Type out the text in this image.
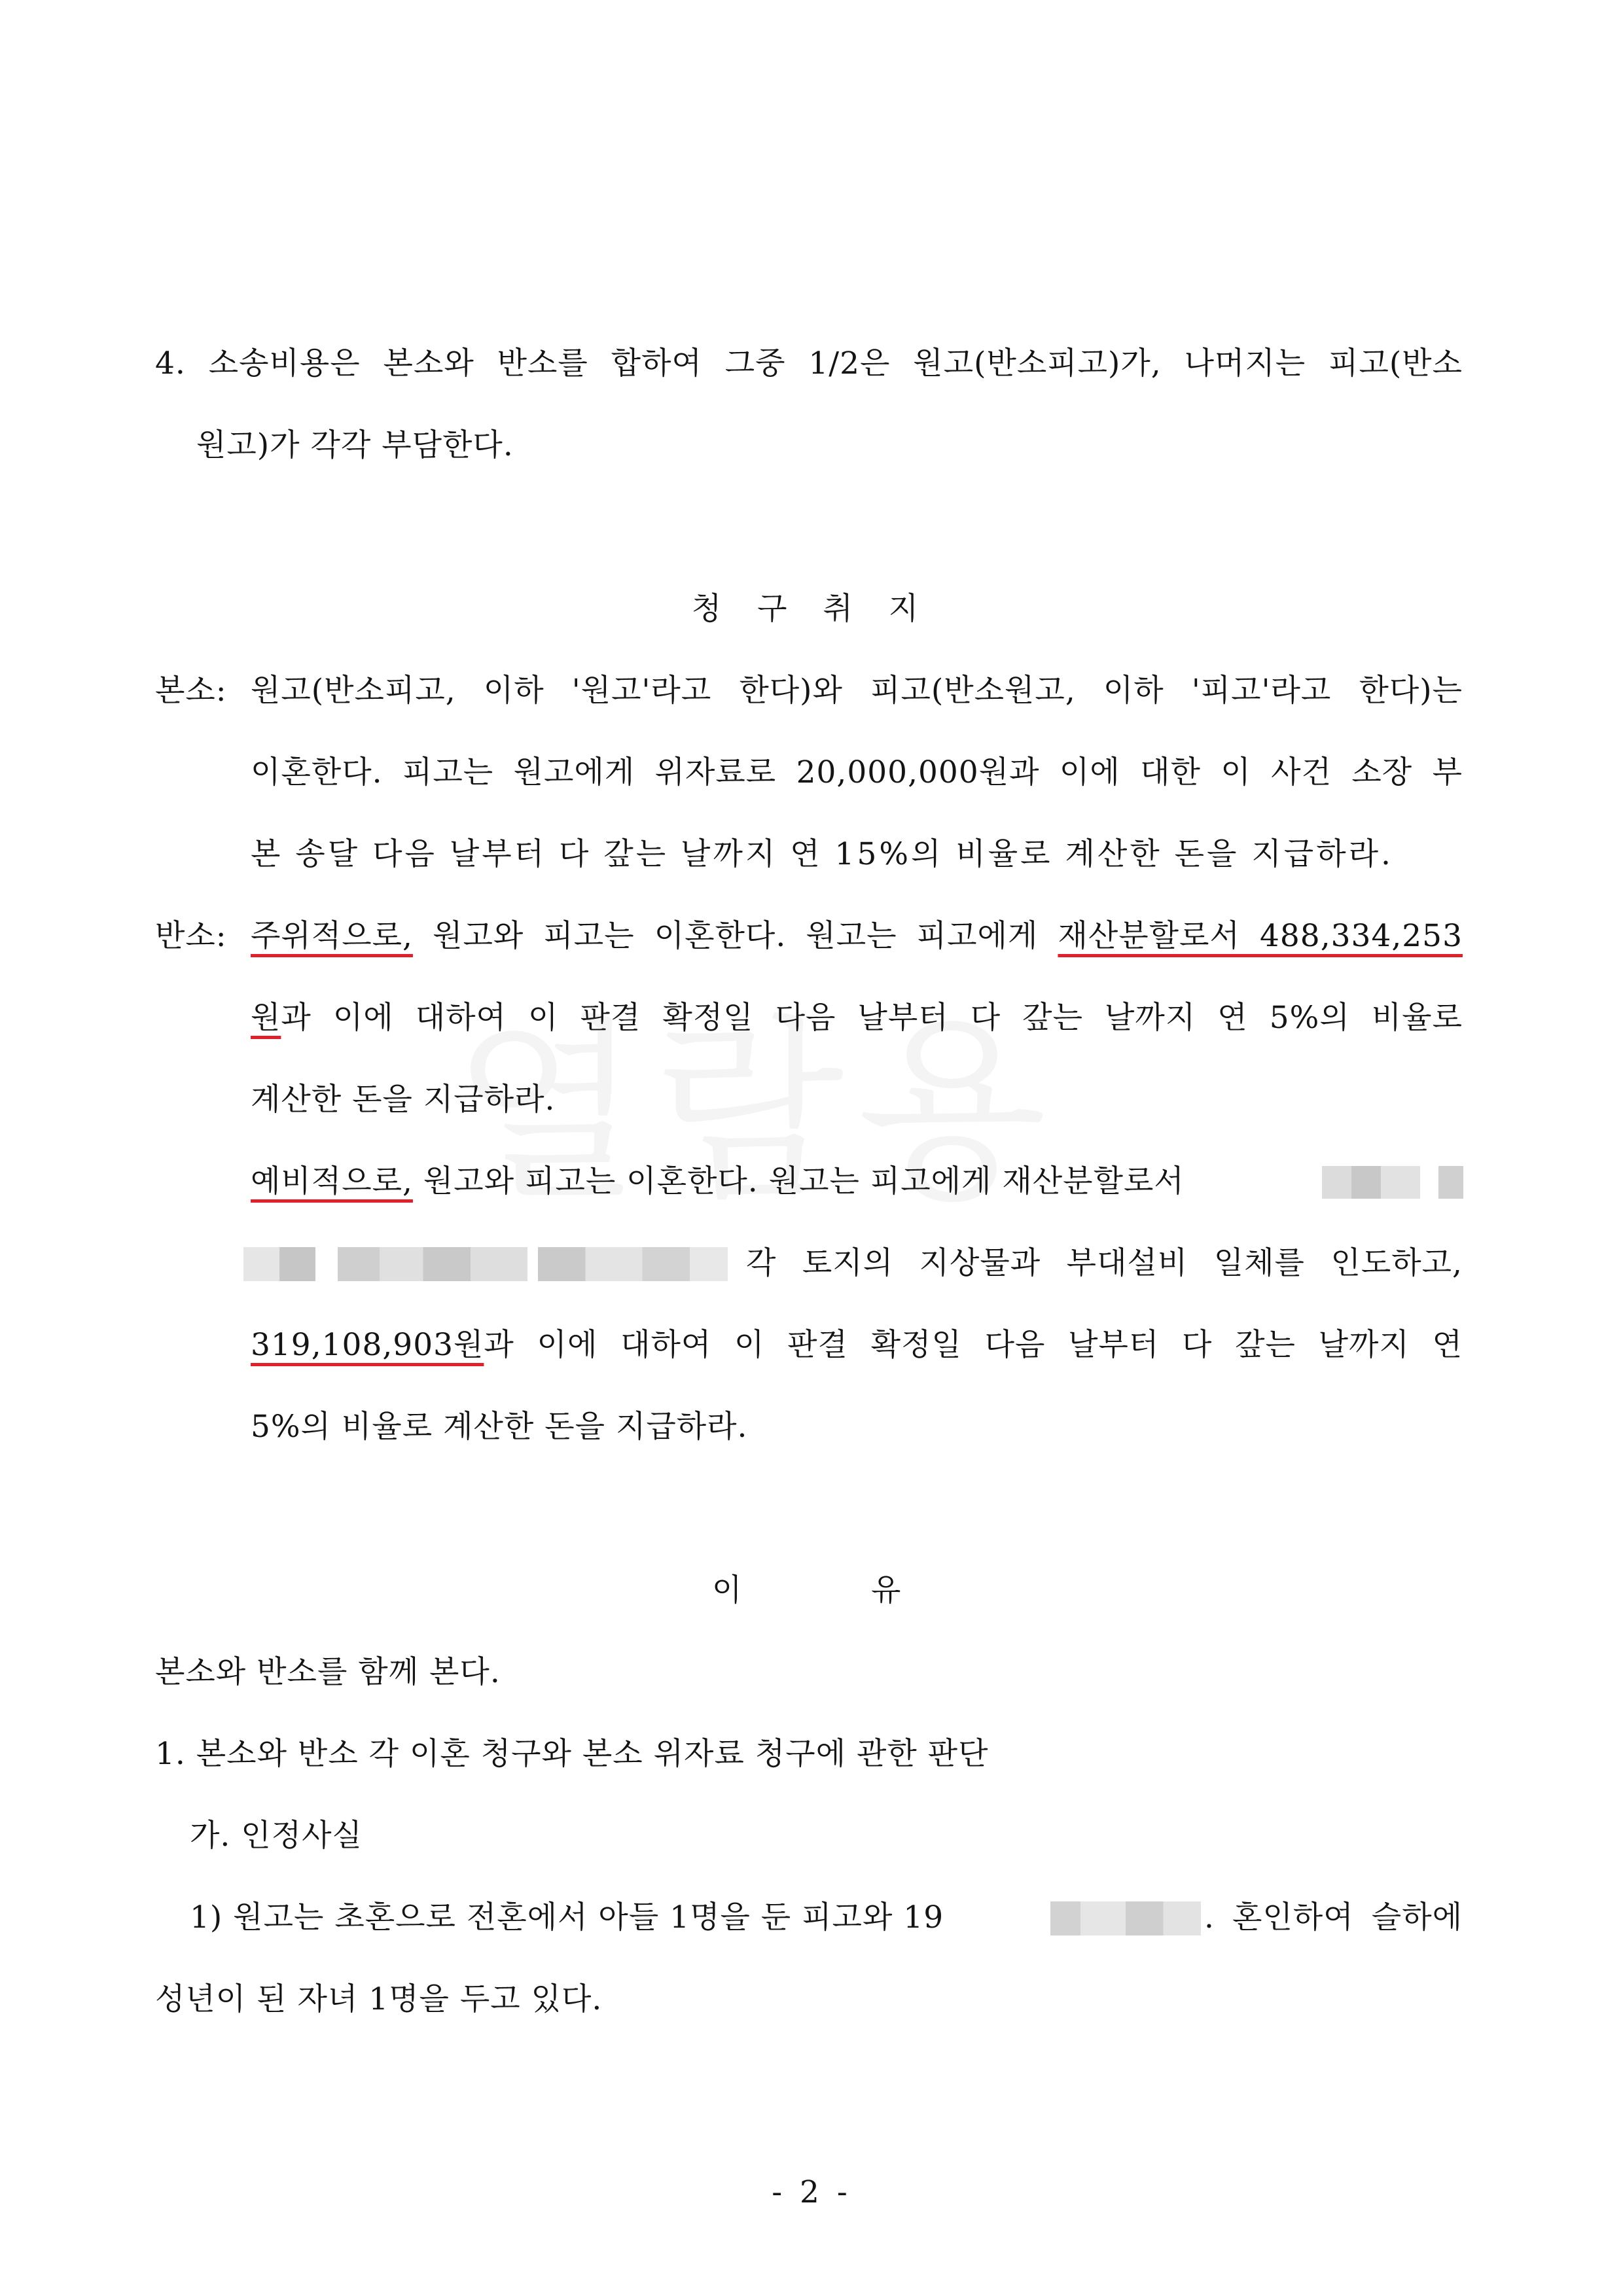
4. 소송비용은 본소와 반소를 합하여 그중 1/2은 원고(반소피고)가, 나머지는 피고(반소
원고)가 각각 부담한다.
청 구 취 지
본소: 원고(반소피고, 이하 '원고'라고 한다)와 피고(반소원고, 이하 '피고'라고 한다)는
이혼한다. 피고는 원고에게 위자료로 20,000,000원과 이에 대한 이 사건 소장 부
본 송달 다음 날부터 다 갚는 날까지 연 15%의 비율로 계산한 돈을 지급하라.
반소: 주위적으로, 원고와 피고는 이혼한다. 원고는 피고에게 재산분할로서 488,334,253
원과 이에 대하여 이 판결 확정일 다음 날부터 다 갚는 날까지 연 5%의 비율로
계산한 돈을 지급하라.
예비적으로, 원고와 피고는 이혼한다. 원고는 피고에게 재산분할로서
각 토지의 지상물과 부대설비 일체를 인도하고,
319,108,903원과 이에 대하여 이 판결 확정일 다음 날부터 다 갚는 날까지 연
5%의 비율로 계산한 돈을 지급하라.
이	유
본소와 반소를 함께 본다.
1. 본소와 반소 각 이혼 청구와 본소 위자료 청구에 관한 판단
가. 인정사실
1) 원고는 초혼으로 전혼에서 아들 1명을 둔 피고와 19	. 혼인하여 슬하에
성년이 된 자녀 1명을 두고 있다.
- 2 -
